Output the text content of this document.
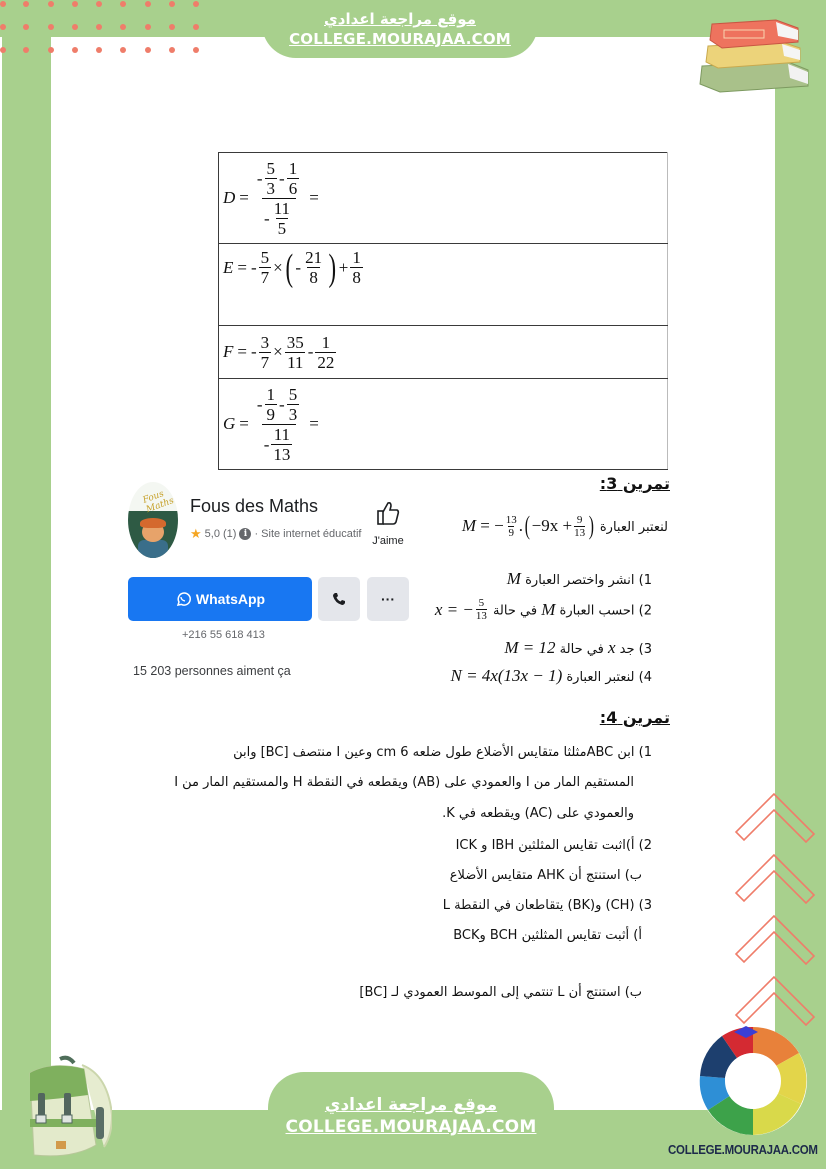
موقع مراجعة اعدادي
COLLEGE.MOURAJAA.COM
COLLEGE.MOURAJAA.COM
موقع مراجعة اعدادي
COLLEGE.MOURAJAA.COM
$D = \frac{- \frac{5}{3} - \frac{1}{6}}{- \frac{11}{5}}$ =

E = - $\frac{5}{7}$ × ( - $\frac{21}{8}$ ) + $\frac{1}{8}$

F = - $\frac{3}{7} \times \frac{35}{11} - \frac{1}{22}$

$G = \frac{- \frac{1}{9} - \frac{5}{3}}{- \frac{11}{13}}$ =
Fous Maths Fous des Maths
★ 5,0 (1) i · Site internet éducatif
J'aime
WhatsApp	···
+216 55 618 413
15 203 personnes aiment ça
تمرين 3:
لنعتبر العبارة
M
=
− $\frac{13}{9}$ . ( $-9x + \frac{9}{13}$ )
1) انشر واختصر العبارة
M
2) احسب العبارة
M
في حالة
x = − $\frac{5}{13}$
3) جد
x
في حالة
M = 12
4) لنعتبر العبارة
N = 4x(13x − 1)
تمرين 4:
1) ابن ABCمثلثا متقايس الأضلاع طول ضلعه 6 cm وعين I منتصف [BC] وابن
المستقيم المار من I والعمودي على (AB) ويقطعه في النقطة H والمستقيم المار من I
والعمودي على (AC) ويقطعه في K.
2) أ)اثبت تقايس المثلثين IBH و ICK
ب) استنتج أن AHK متقايس الأضلاع
3) (CH) و(BK) يتقاطعان في النقطة L
أ) أثبت تقايس المثلثين BCH وBCK
ب) استنتج أن L تنتمي إلى الموسط العمودي لـ [BC]
